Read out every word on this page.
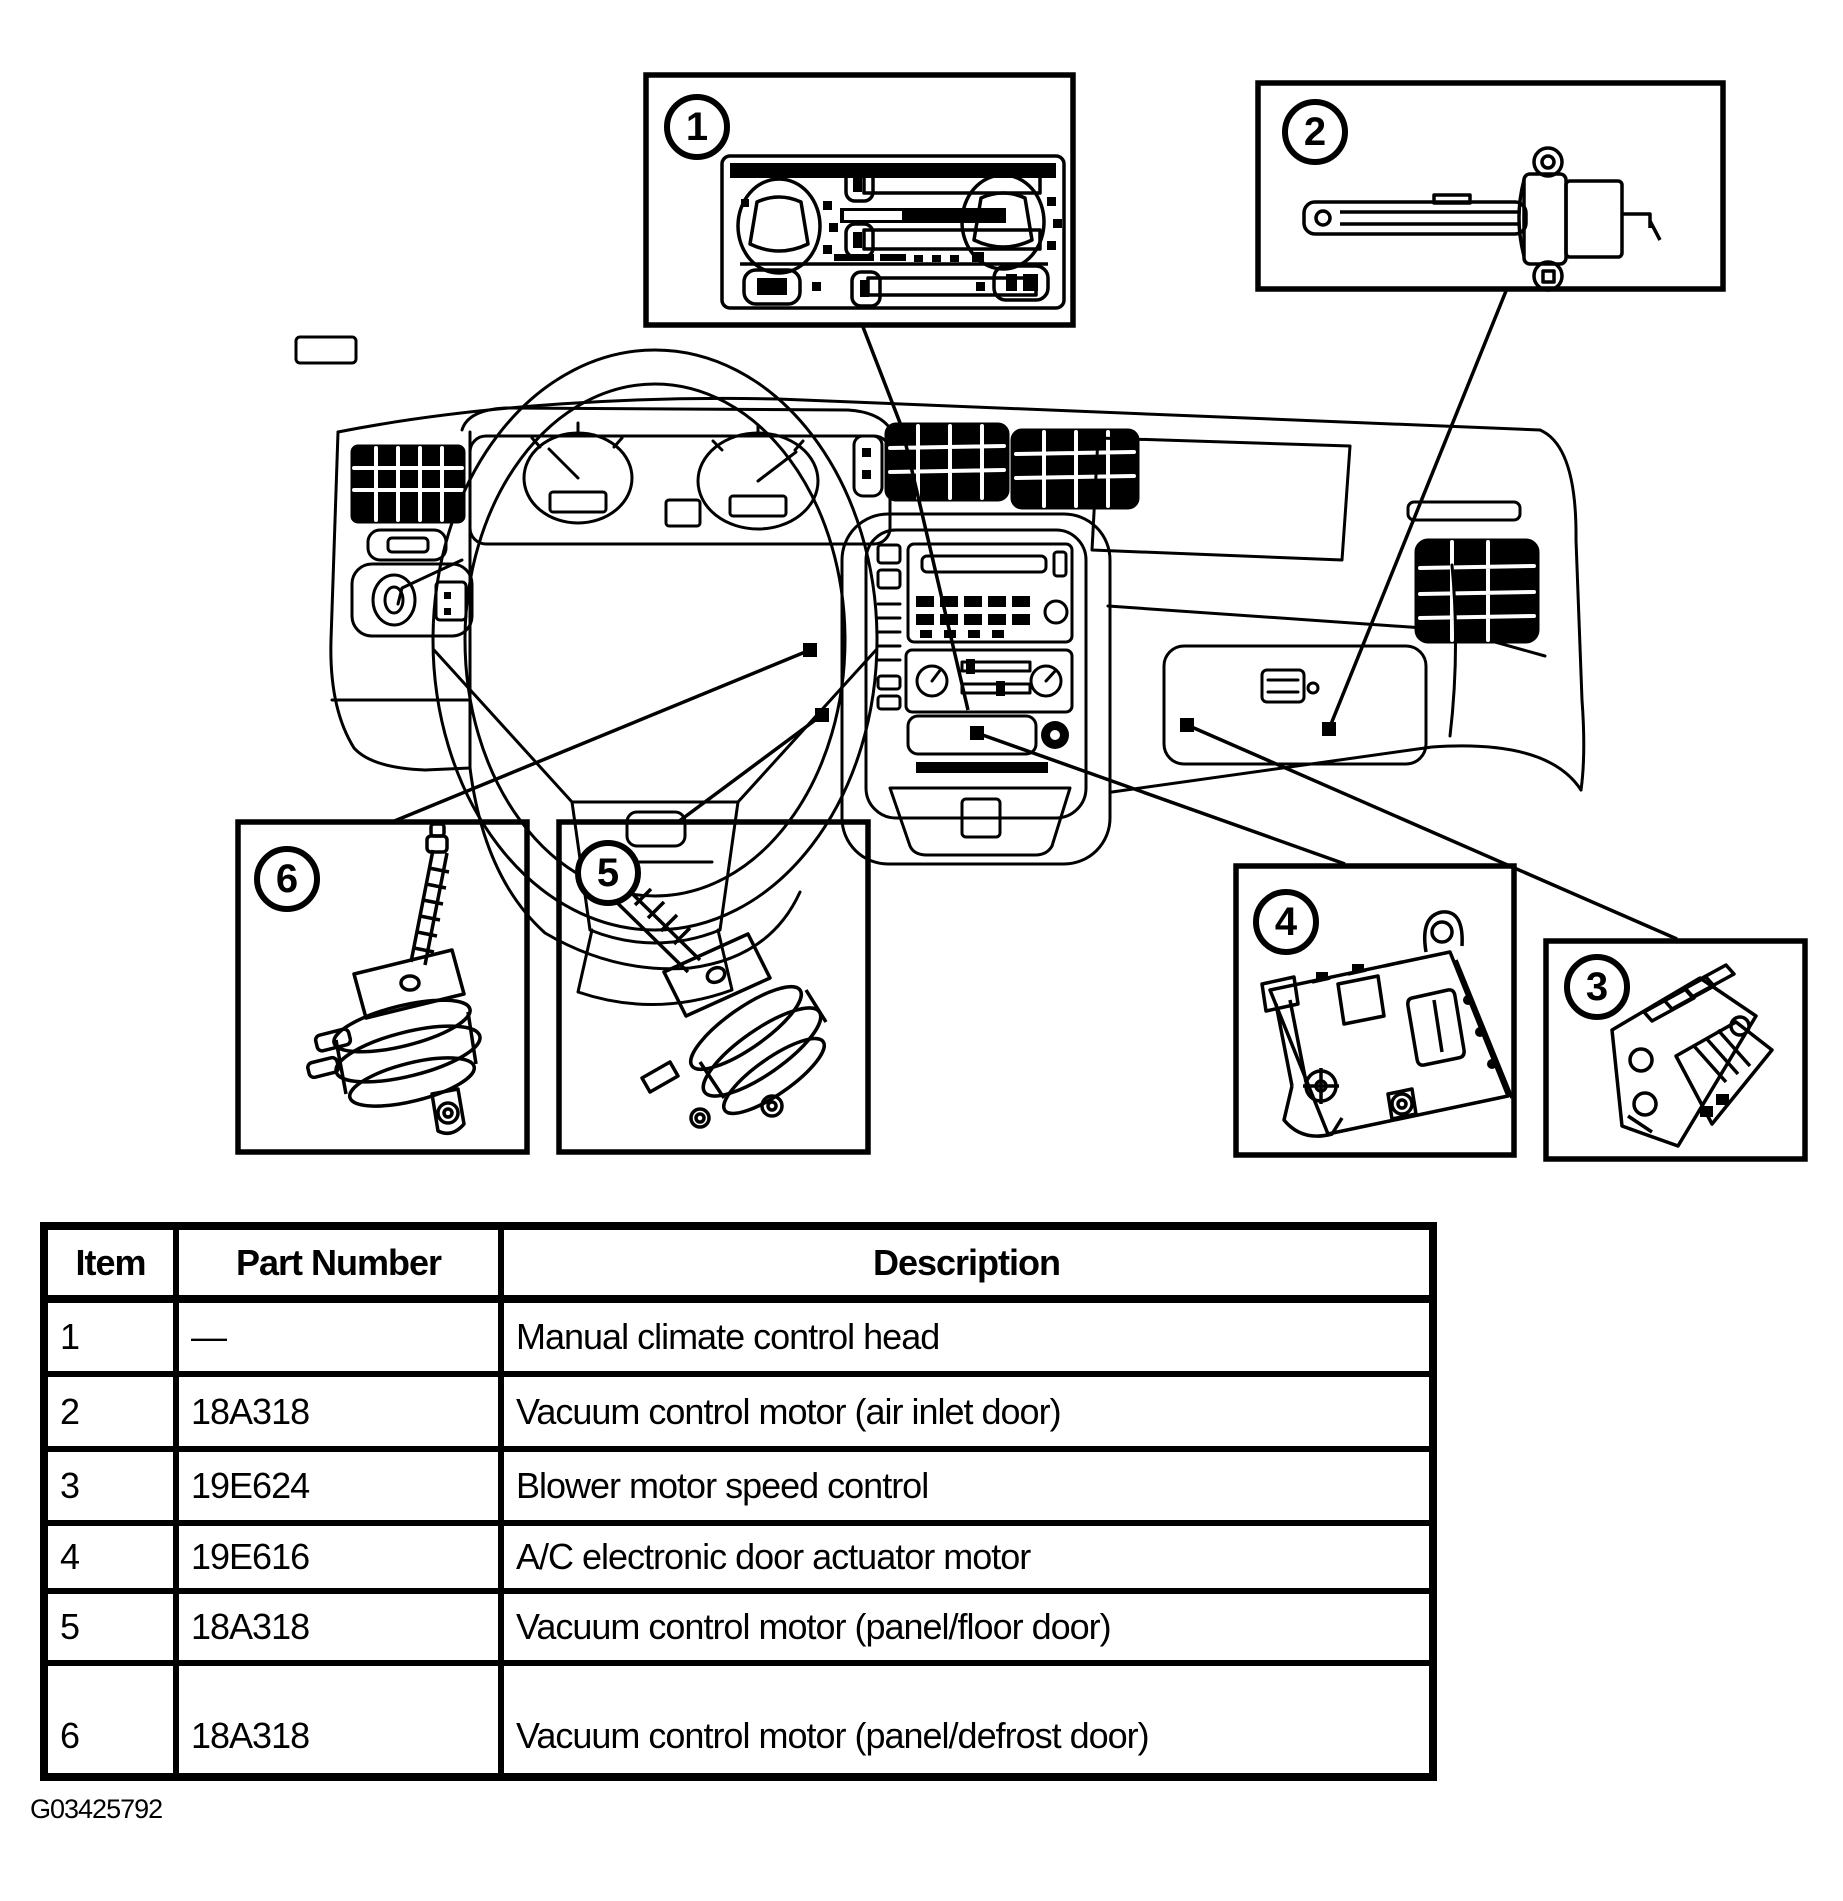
1	2
3
4
5
6
Item	Part Number	Description
1	—	Manual climate control head
2	18A318	Vacuum control motor (air inlet door)
3	19E624	Blower motor speed control
4	19E616	A/C electronic door actuator motor
5	18A318	Vacuum control motor (panel/floor door)
6	18A318	Vacuum control motor (panel/defrost door)
G03425792
